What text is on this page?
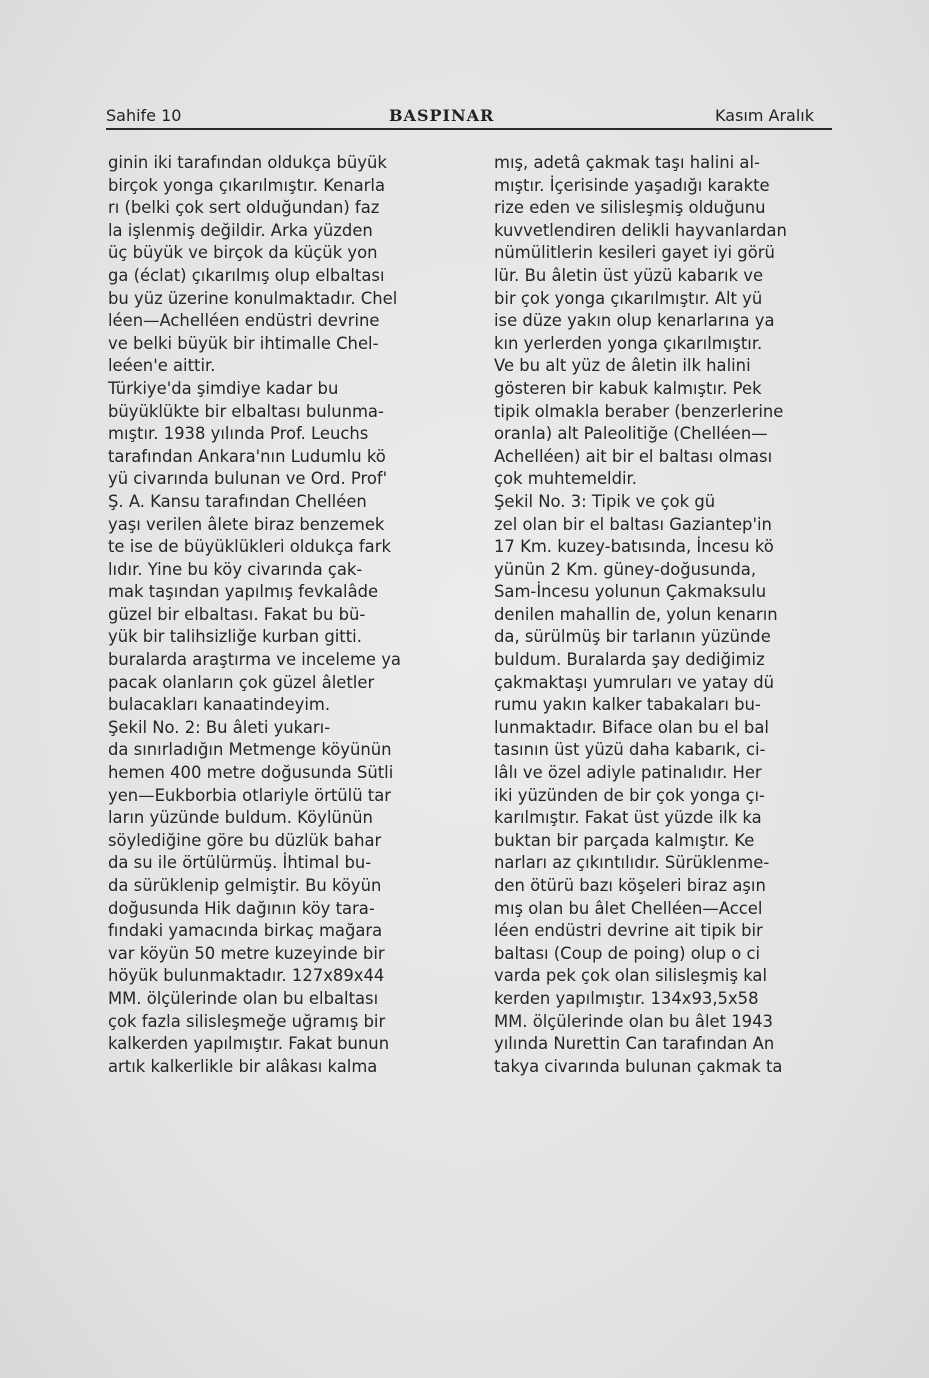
Sahife 10	BASPINAR	Kasım Aralık

ginin iki tarafından oldukça büyük
birçok yonga çıkarılmıştır. Kenarla
rı (belki çok sert olduğundan) faz
la işlenmiş değildir. Arka yüzden
üç büyük ve birçok da küçük yon
ga (éclat) çıkarılmış olup elbaltası
bu yüz üzerine konulmaktadır. Chel
léen—Achelléen endüstri devrine
ve belki büyük bir ihtimalle Chel-
leéen'e aittir.
Türkiye'da şimdiye kadar bu
büyüklükte bir elbaltası bulunma-
mıştır. 1938 yılında Prof. Leuchs
tarafından Ankara'nın Ludumlu kö
yü civarında bulunan ve Ord. Prof'
Ş. A. Kansu tarafından Chelléen
yaşı verilen âlete biraz benzemek
te ise de büyüklükleri oldukça fark
lıdır. Yine bu köy civarında çak-
mak taşından yapılmış fevkalâde
güzel bir elbaltası. Fakat bu bü-
yük bir talihsizliğe kurban gitti.
buralarda araştırma ve inceleme ya
pacak olanların çok güzel âletler
bulacakları kanaatindeyim.
Şekil No. 2: Bu âleti yukarı-
da sınırladığın Metmenge köyünün
hemen 400 metre doğusunda Sütli
yen—Eukborbia otlariyle örtülü tar
ların yüzünde buldum. Köylünün
söylediğine göre bu düzlük bahar
da su ile örtülürmüş. İhtimal bu-
da sürüklenip gelmiştir. Bu köyün
doğusunda Hik dağının köy tara-
fındaki yamacında birkaç mağara
var köyün 50 metre kuzeyinde bir
höyük bulunmaktadır. 127x89x44
MM. ölçülerinde olan bu elbaltası
çok fazla silisleşmeğe uğramış bir
kalkerden yapılmıştır. Fakat bunun
artık kalkerlikle bir alâkası kalma

mış, adetâ çakmak taşı halini al-
mıştır. İçerisinde yaşadığı karakte
rize eden ve silisleşmiş olduğunu
kuvvetlendiren delikli hayvanlardan
nümülitlerin kesileri gayet iyi görü
lür. Bu âletin üst yüzü kabarık ve
bir çok yonga çıkarılmıştır. Alt yü
ise düze yakın olup kenarlarına ya
kın yerlerden yonga çıkarılmıştır.
Ve bu alt yüz de âletin ilk halini
gösteren bir kabuk kalmıştır. Pek
tipik olmakla beraber (benzerlerine
oranla) alt Paleolitiğe (Chelléen—
Achelléen) ait bir el baltası olması
çok muhtemeldir.
Şekil No. 3: Tipik ve çok gü
zel olan bir el baltası Gaziantep'in
17 Km. kuzey-batısında, İncesu kö
yünün 2 Km. güney-doğusunda,
Sam-İncesu yolunun Çakmaksulu
denilen mahallin de, yolun kenarın
da, sürülmüş bir tarlanın yüzünde
buldum. Buralarda şay dediğimiz
çakmaktaşı yumruları ve yatay dü
rumu yakın kalker tabakaları bu-
lunmaktadır. Biface olan bu el bal
tasının üst yüzü daha kabarık, ci-
lâlı ve özel adiyle patinalıdır. Her
iki yüzünden de bir çok yonga çı-
karılmıştır. Fakat üst yüzde ilk ka
buktan bir parçada kalmıştır. Ke
narları az çıkıntılıdır. Sürüklenme-
den ötürü bazı köşeleri biraz aşın
mış olan bu âlet Chelléen—Accel
léen endüstri devrine ait tipik bir
baltası (Coup de poing) olup o ci
varda pek çok olan silisleşmiş kal
kerden yapılmıştır. 134x93,5x58
MM. ölçülerinde olan bu âlet 1943
yılında Nurettin Can tarafından An
takya civarında bulunan çakmak ta
